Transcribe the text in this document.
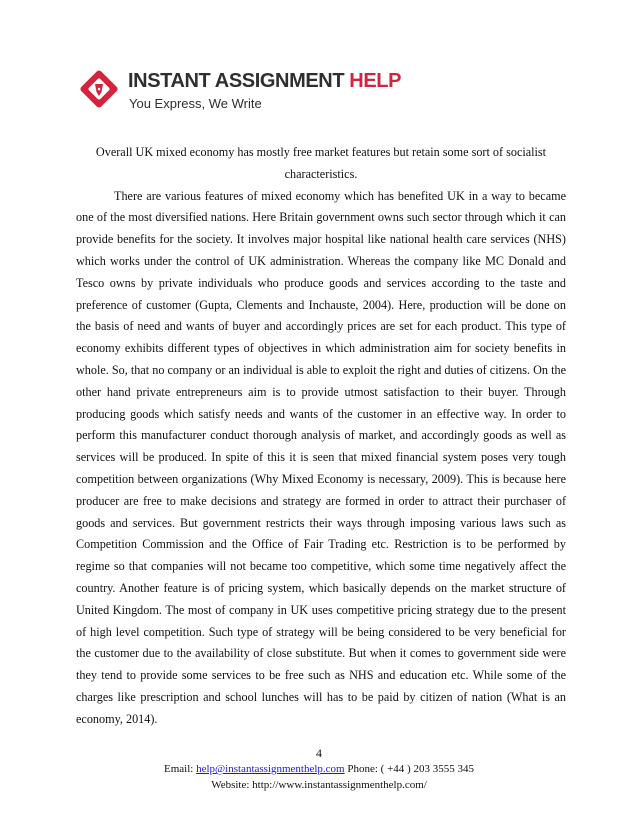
INSTANT ASSIGNMENT HELP
You Express, We Write

Overall UK mixed economy has mostly free market features but retain some sort of socialist characteristics.

There are various features of mixed economy which has benefited UK in a way to became one of the most diversified nations. Here Britain government owns such sector through which it can provide benefits for the society. It involves major hospital like national health care services (NHS) which works under the control of UK administration. Whereas the company like MC Donald and Tesco owns by private individuals who produce goods and services according to the taste and preference of customer (Gupta, Clements and Inchauste, 2004). Here, production will be done on the basis of need and wants of buyer and accordingly prices are set for each product. This type of economy exhibits different types of objectives in which administration aim for society benefits in whole. So, that no company or an individual is able to exploit the right and duties of citizens. On the other hand private entrepreneurs aim is to provide utmost satisfaction to their buyer. Through producing goods which satisfy needs and wants of the customer in an effective way. In order to perform this manufacturer conduct thorough analysis of market, and accordingly goods as well as services will be produced. In spite of this it is seen that mixed financial system poses very tough competition between organizations (Why Mixed Economy is necessary, 2009). This is because here producer are free to make decisions and strategy are formed in order to attract their purchaser of goods and services. But government restricts their ways through imposing various laws such as Competition Commission and the Office of Fair Trading etc. Restriction is to be performed by regime so that companies will not became too competitive, which some time negatively affect the country. Another feature is of pricing system, which basically depends on the market structure of United Kingdom. The most of company in UK uses competitive pricing strategy due to the present of high level competition. Such type of strategy will be being considered to be very beneficial for the customer due to the availability of close substitute. But when it comes to government side were they tend to provide some services to be free such as NHS and education etc. While some of the charges like prescription and school lunches will has to be paid by citizen of nation (What is an economy, 2014).

4
Email: help@instantassignmenthelp.com Phone: ( +44 ) 203 3555 345
Website: http://www.instantassignmenthelp.com/
